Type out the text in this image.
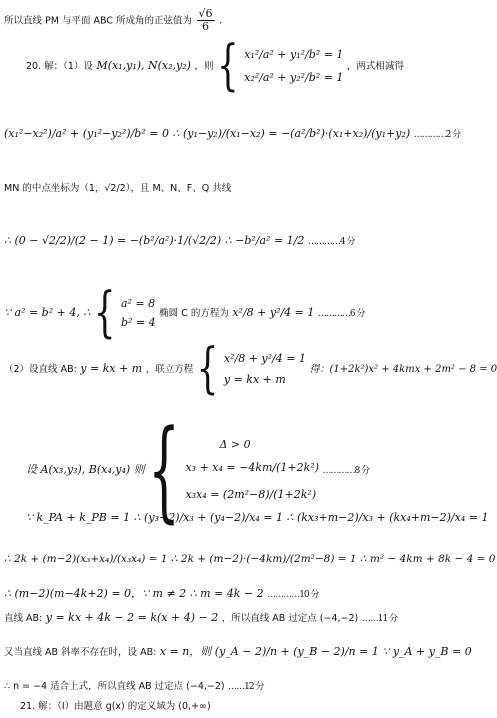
所以直线 PM 与平面 ABC 所成角的正弦值为 $\frac{√6}{6}$ .
20. 解：（1）设 M(x₁,y₁), N(x₂,y₂) ，则 { x₁²/a² + y₁²/b² = 1
x₂²/a² + y₂²/b² = 1
，两式相减得
(x₁²−x₂²)/a² + (y₁²−y₂²)/b² = 0 ∴ (y₁−y₂)/(x₁−x₂) = −(a²/b²)·(x₁+x₂)/(y₁+y₂) …………2 分
MN 的中点坐标为（1，√2/2），且 M、N、F、Q 共线
∴ (0 − √2/2)/(2 − 1) = −(b²/a²)·1/(√2/2) ∴ −b²/a² = 1/2 …………4 分
∵ a² = b² + 4, ∴ { a² = 8
b² = 4
椭圆 C 的方程为 x²/8 + y²/4 = 1 …………6 分
（2）设直线 AB: y = kx + m ，联立方程 { x²/8 + y²/4 = 1
y = kx + m
得：(1+2k²)x² + 4kmx + 2m² − 8 = 0
设 A(x₃,y₃), B(x₄,y₄) 则 {	Δ > 0
x₃ + x₄ = −4km/(1+2k²)
x₃x₄ = (2m²−8)/(1+2k²)
…………8 分
∵ k_PA + k_PB = 1 ∴ (y₃−2)/x₃ + (y₄−2)/x₄ = 1 ∴ (kx₃+m−2)/x₃ + (kx₄+m−2)/x₄ = 1
∴ 2k + (m−2)(x₃+x₄)/(x₃x₄) = 1 ∴ 2k + (m−2)·(−4km)/(2m²−8) = 1 ∴ m² − 4km + 8k − 4 = 0
∴ (m−2)(m−4k+2) = 0，∵ m ≠ 2 ∴ m = 4k − 2 …………10 分
直线 AB: y = kx + 4k − 2 = k(x + 4) − 2 ，所以直线 AB 过定点 (−4,−2) ……11 分
又当直线 AB 斜率不存在时，设 AB: x = n，则 (y_A − 2)/n + (y_B − 2)/n = 1 ∵ y_A + y_B = 0
∴ n = −4 适合上式，所以直线 AB 过定点 (−4,−2) ……12 分
21. 解：（I）由题意 g(x) 的定义域为 (0,+∞)
